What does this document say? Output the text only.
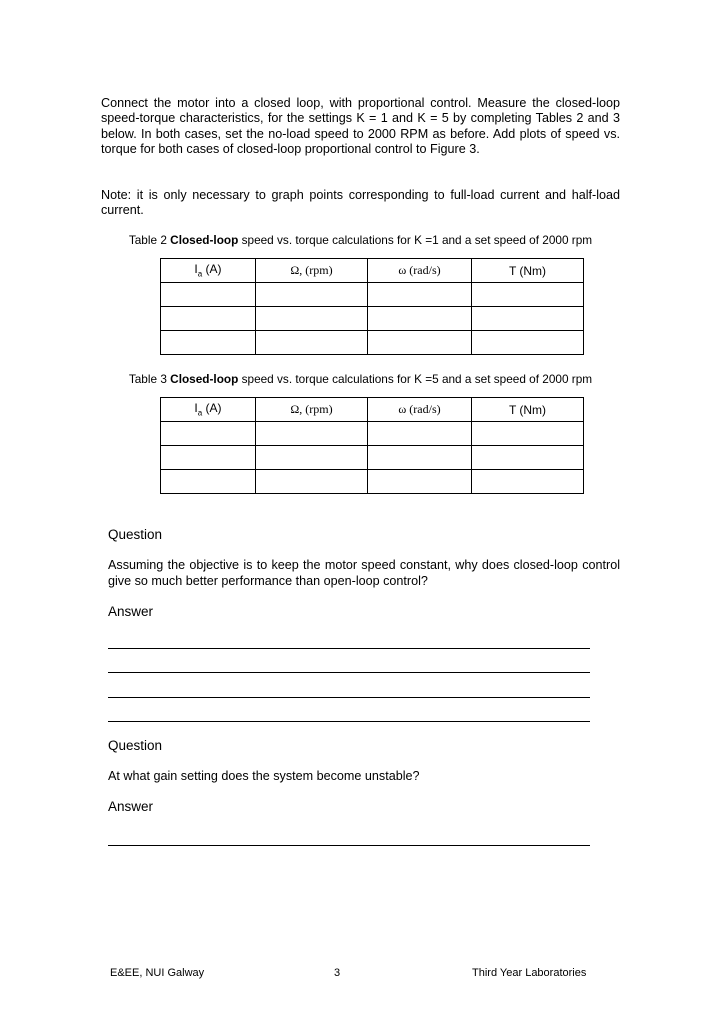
Connect the motor into a closed loop, with proportional control. Measure the closed-loop speed-torque characteristics, for the settings K = 1 and K = 5 by completing Tables 2 and 3 below. In both cases, set the no-load speed to 2000 RPM as before. Add plots of speed vs. torque for both cases of closed-loop proportional control to Figure 3.

Note: it is only necessary to graph points corresponding to full-load current and half-load current.

Table 2 Closed-loop speed vs. torque calculations for K =1 and a set speed of 2000 rpm
$I_a$ (A)	Ω, (rpm)	ω (rad/s)	T (Nm)

Table 3 Closed-loop speed vs. torque calculations for K =5 and a set speed of 2000 rpm
$I_a$ (A)	Ω, (rpm)	ω (rad/s)	T (Nm)

Question

Assuming the objective is to keep the motor speed constant, why does closed-loop control give so much better performance than open-loop control?

Answer
Question

At what gain setting does the system become unstable?

Answer
E&EE, NUI Galway	3	Third Year Laboratories
